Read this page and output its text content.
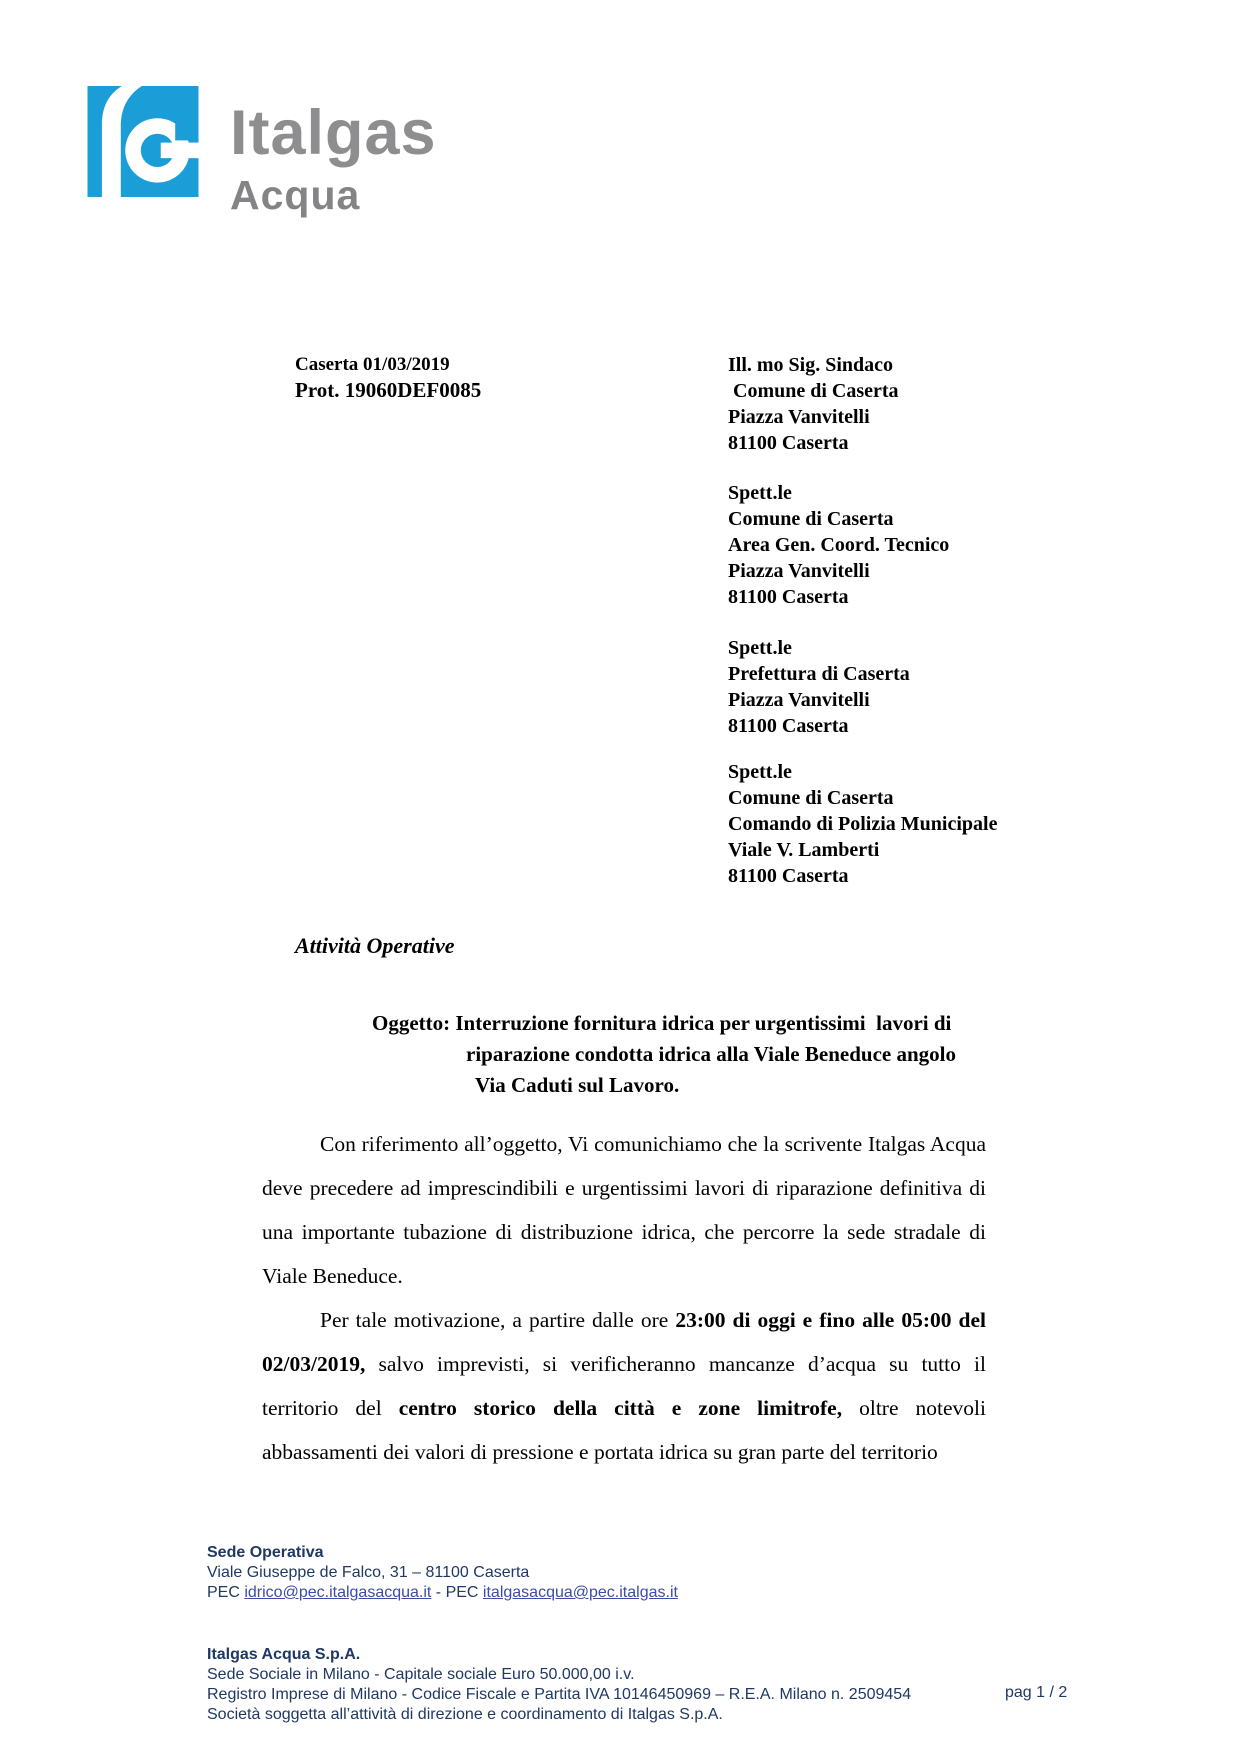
Italgas
Acqua
Caserta 01/03/2019
Prot. 19060DEF0085
Ill. mo Sig. Sindaco
Comune di Caserta
Piazza Vanvitelli
81100 Caserta
Spett.le
Comune di Caserta
Area Gen. Coord. Tecnico
Piazza Vanvitelli
81100 Caserta
Spett.le
Prefettura di Caserta
Piazza Vanvitelli
81100 Caserta
Spett.le
Comune di Caserta
Comando di Polizia Municipale
Viale V. Lamberti
81100 Caserta
Attività Operative
Oggetto: Interruzione fornitura idrica per urgentissimi  lavori di
riparazione condotta idrica alla Viale Beneduce angolo
Via Caduti sul Lavoro.

Con riferimento all’oggetto, Vi comunichiamo che la scrivente Italgas Acqua deve precedere ad imprescindibili e urgentissimi lavori di riparazione definitiva di una importante tubazione di distribuzione idrica, che percorre la sede stradale di Viale Beneduce.

Per tale motivazione, a partire dalle ore 23:00 di oggi e fino alle 05:00 del 02/03/2019, salvo imprevisti, si verificheranno mancanze d’acqua su tutto il territorio del centro storico della città e zone limitrofe, oltre notevoli abbassamenti dei valori di pressione e portata idrica su gran parte del territorio

Sede Operativa
Viale Giuseppe de Falco, 31 – 81100 Caserta
PEC idrico@pec.italgasacqua.it - PEC italgasacqua@pec.italgas.it
Italgas Acqua S.p.A.
Sede Sociale in Milano - Capitale sociale Euro 50.000,00 i.v.
Registro Imprese di Milano - Codice Fiscale e Partita IVA 10146450969 – R.E.A. Milano n. 2509454
Società soggetta all’attività di direzione e coordinamento di Italgas S.p.A.
pag 1 / 2
